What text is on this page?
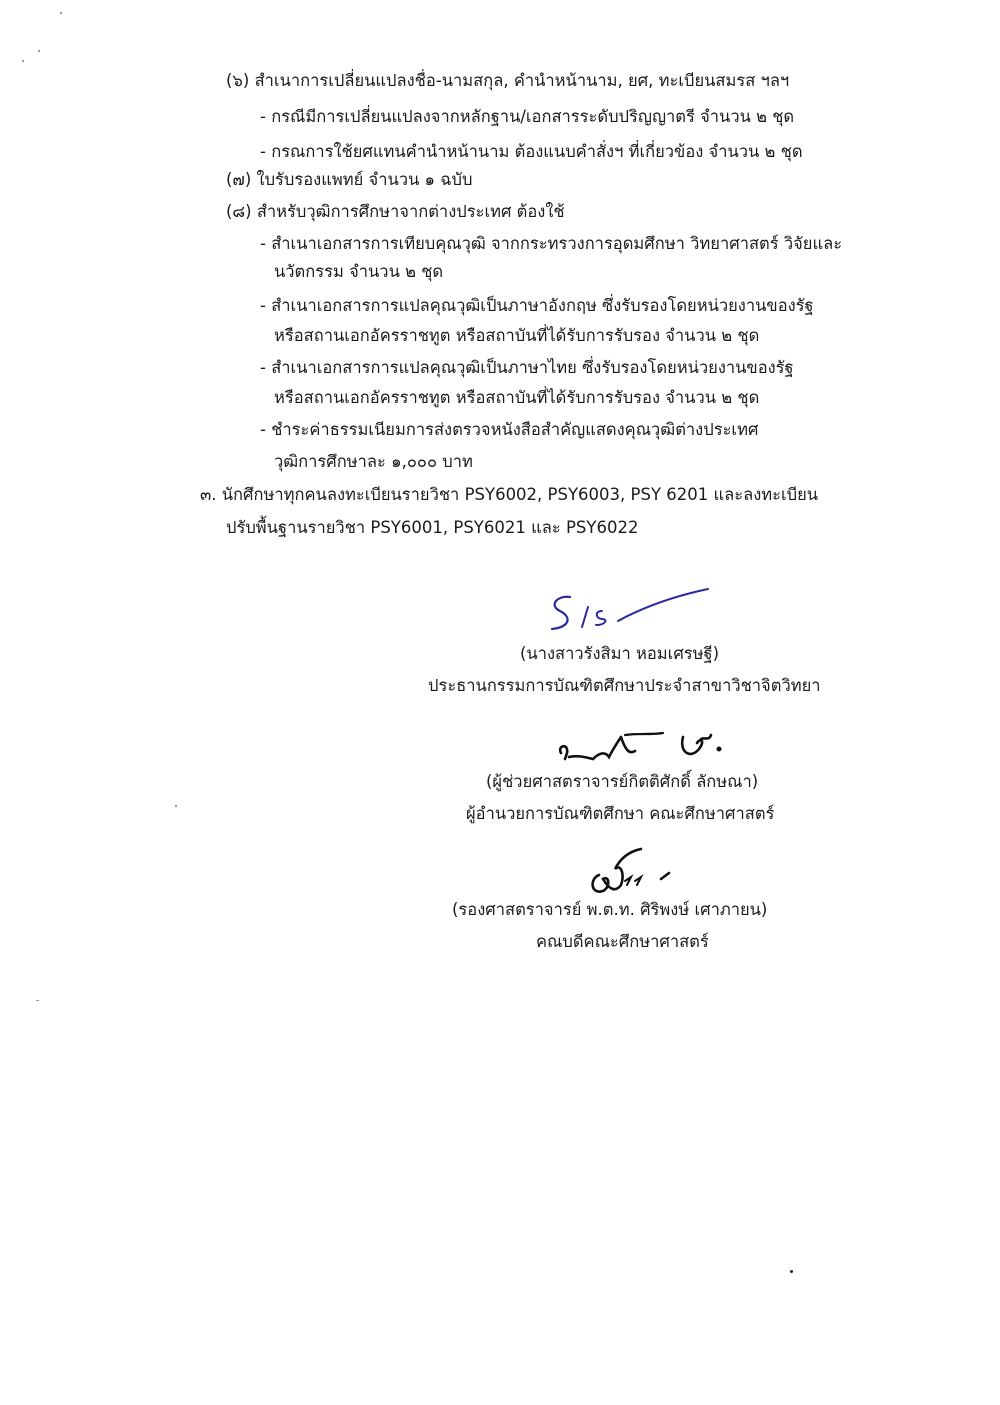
(๖) สำเนาการเปลี่ยนแปลงชื่อ-นามสกุล, คำนำหน้านาม, ยศ, ทะเบียนสมรส ฯลฯ
- กรณีมีการเปลี่ยนแปลงจากหลักฐาน/เอกสารระดับปริญญาตรี จำนวน ๒ ชุด
- กรณการใช้ยศแทนคำนำหน้านาม ต้องแนบคำสั่งฯ ที่เกี่ยวข้อง จำนวน ๒ ชุด
(๗) ใบรับรองแพทย์ จำนวน ๑ ฉบับ
(๘) สำหรับวุฒิการศึกษาจากต่างประเทศ ต้องใช้
- สำเนาเอกสารการเทียบคุณวุฒิ จากกระทรวงการอุดมศึกษา วิทยาศาสตร์ วิจัยและ
นวัตกรรม จำนวน ๒ ชุด
- สำเนาเอกสารการแปลคุณวุฒิเป็นภาษาอังกฤษ ซึ่งรับรองโดยหน่วยงานของรัฐ
หรือสถานเอกอัครราชทูต หรือสถาบันที่ได้รับการรับรอง จำนวน ๒ ชุด
- สำเนาเอกสารการแปลคุณวุฒิเป็นภาษาไทย ซึ่งรับรองโดยหน่วยงานของรัฐ
หรือสถานเอกอัครราชทูต หรือสถาบันที่ได้รับการรับรอง จำนวน ๒ ชุด
- ชำระค่าธรรมเนียมการส่งตรวจหนังสือสำคัญแสดงคุณวุฒิต่างประเทศ
วุฒิการศึกษาละ ๑,๐๐๐ บาท
๓. นักศึกษาทุกคนลงทะเบียนรายวิชา PSY6002, PSY6003, PSY 6201 และลงทะเบียน
ปรับพื้นฐานรายวิชา PSY6001, PSY6021 และ PSY6022
(นางสาวรังสิมา หอมเศรษฐี)
ประธานกรรมการบัณฑิตศึกษาประจำสาขาวิชาจิตวิทยา
(ผู้ช่วยศาสตราจารย์กิตติศักดิ์ ลักษณา)
ผู้อำนวยการบัณฑิตศึกษา คณะศึกษาศาสตร์
(รองศาสตราจารย์ พ.ต.ท. ศิริพงษ์ เศาภายน)
คณบดีคณะศึกษาศาสตร์
